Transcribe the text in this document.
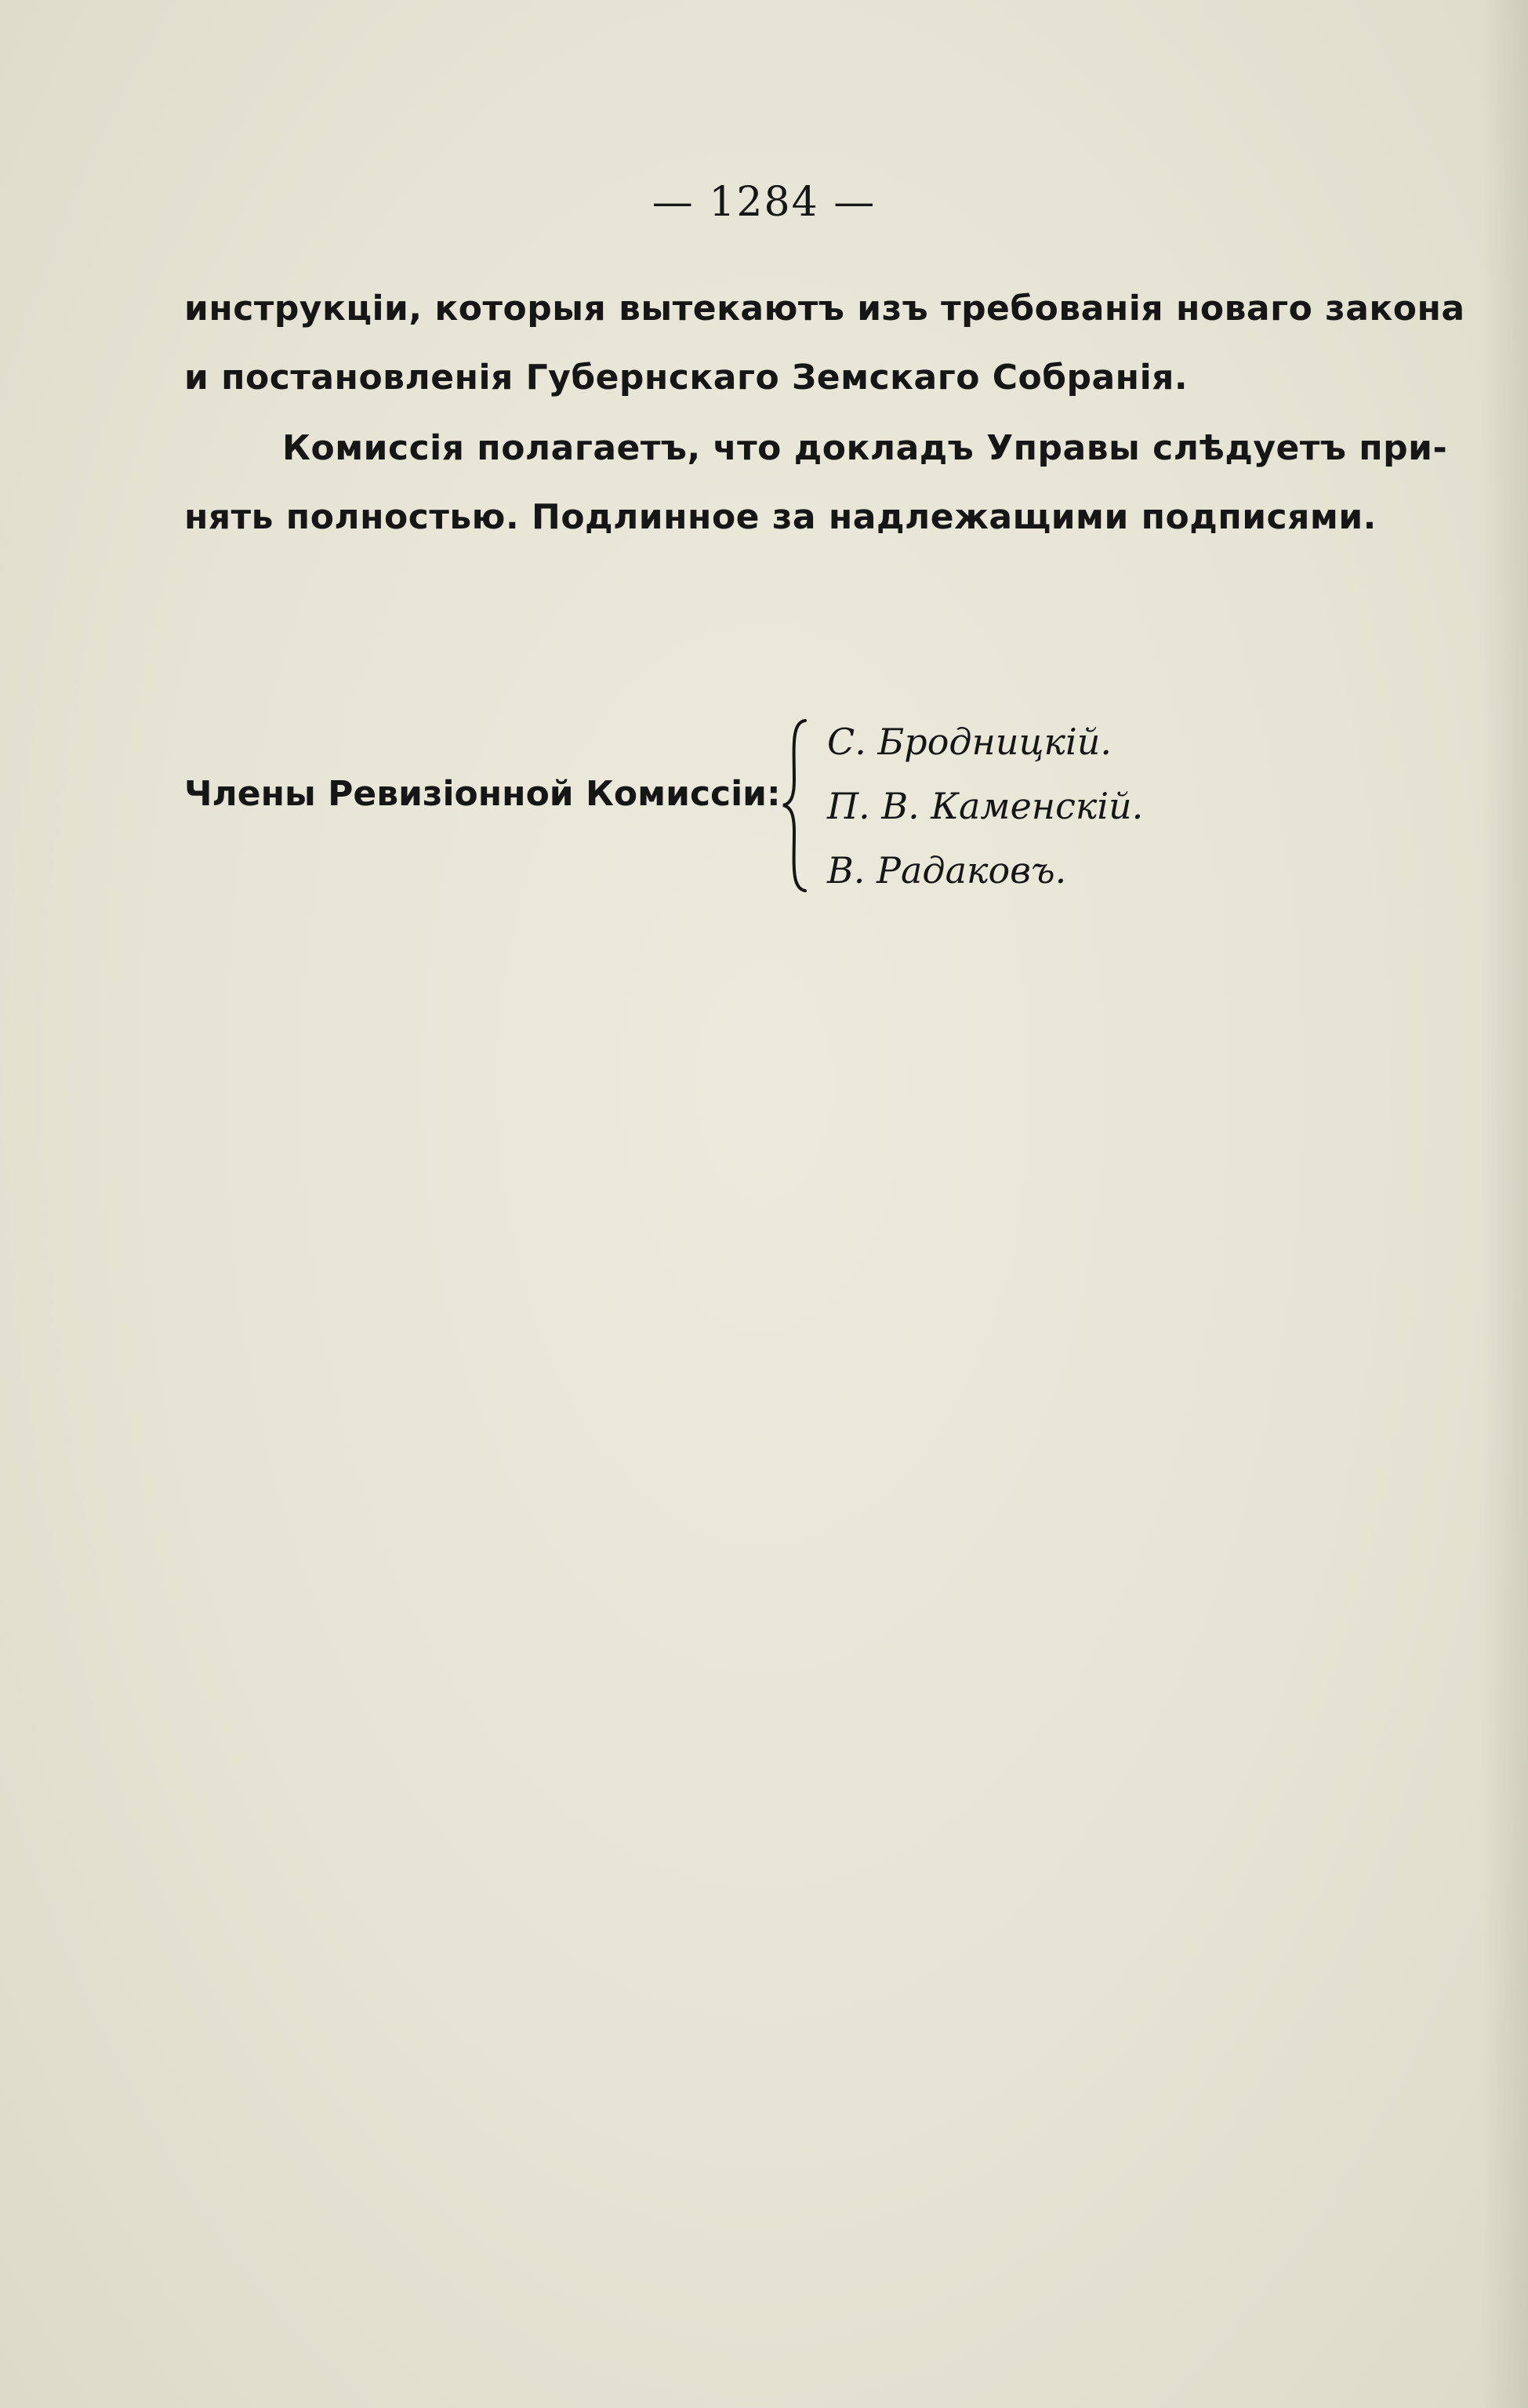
— 1284 —
инструкціи, которыя вытекаютъ изъ требованія новаго закона
и постановленія Губернскаго Земскаго Собранія.
Комиссія полагаетъ, что докладъ Управы слѣдуетъ при-
нять полностью. Подлинное за надлежащими подписями.
Члены Ревизіонной Комиссіи:
С. Бродницкій.
П. В. Каменскій.
В. Радаковъ.
